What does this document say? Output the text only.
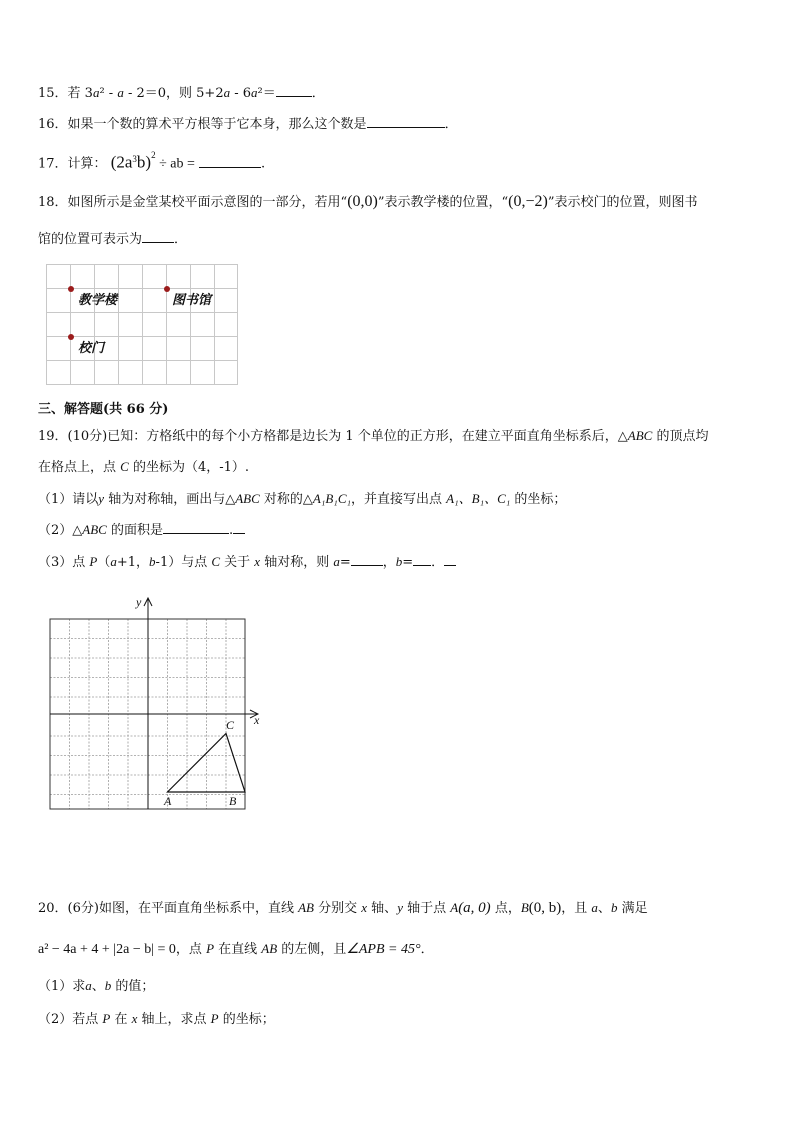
15．若 3a² - a - 2＝0，则 5+2a - 6a²＝	．
16．如果一个数的算术平方根等于它本身，那么这个数是	．
17．计算： $(2a^3b)^2$ ÷ ab =	.
18．如图所示是金堂某校平面示意图的一部分，若用“(0,0)”表示教学楼的位置，“(0,−2)”表示校门的位置，则图书
馆的位置可表示为 ．
教学楼	图书馆
校门
三、解答题(共 66 分)
19．(10分)已知：方格纸中的每个小方格都是边长为 1 个单位的正方形，在建立平面直角坐标系后，△ABC 的顶点均
在格点上，点 C 的坐标为（4，-1）.
（1）请以y 轴为对称轴，画出与△ABC 对称的△A₁B₁C₁，并直接写出点 A₁、B₁、C₁ 的坐标；
（2）△ABC 的面积是	.
（3）点 P（a+1，b-1）与点 C 关于 x 轴对称，则 a= ，b= ．
x
y
A	B
C
20．(6分)如图，在平面直角坐标系中，直线 AB 分别交 x 轴、y 轴于点 A(a, 0) 点，B(0, b)，且 a、b 满足
a² − 4a + 4 + |2a − b| = 0，点 P 在直线 AB 的左侧，且∠APB = 45°．
（1）求a、b 的值；
（2）若点 P 在 x 轴上，求点 P 的坐标；
